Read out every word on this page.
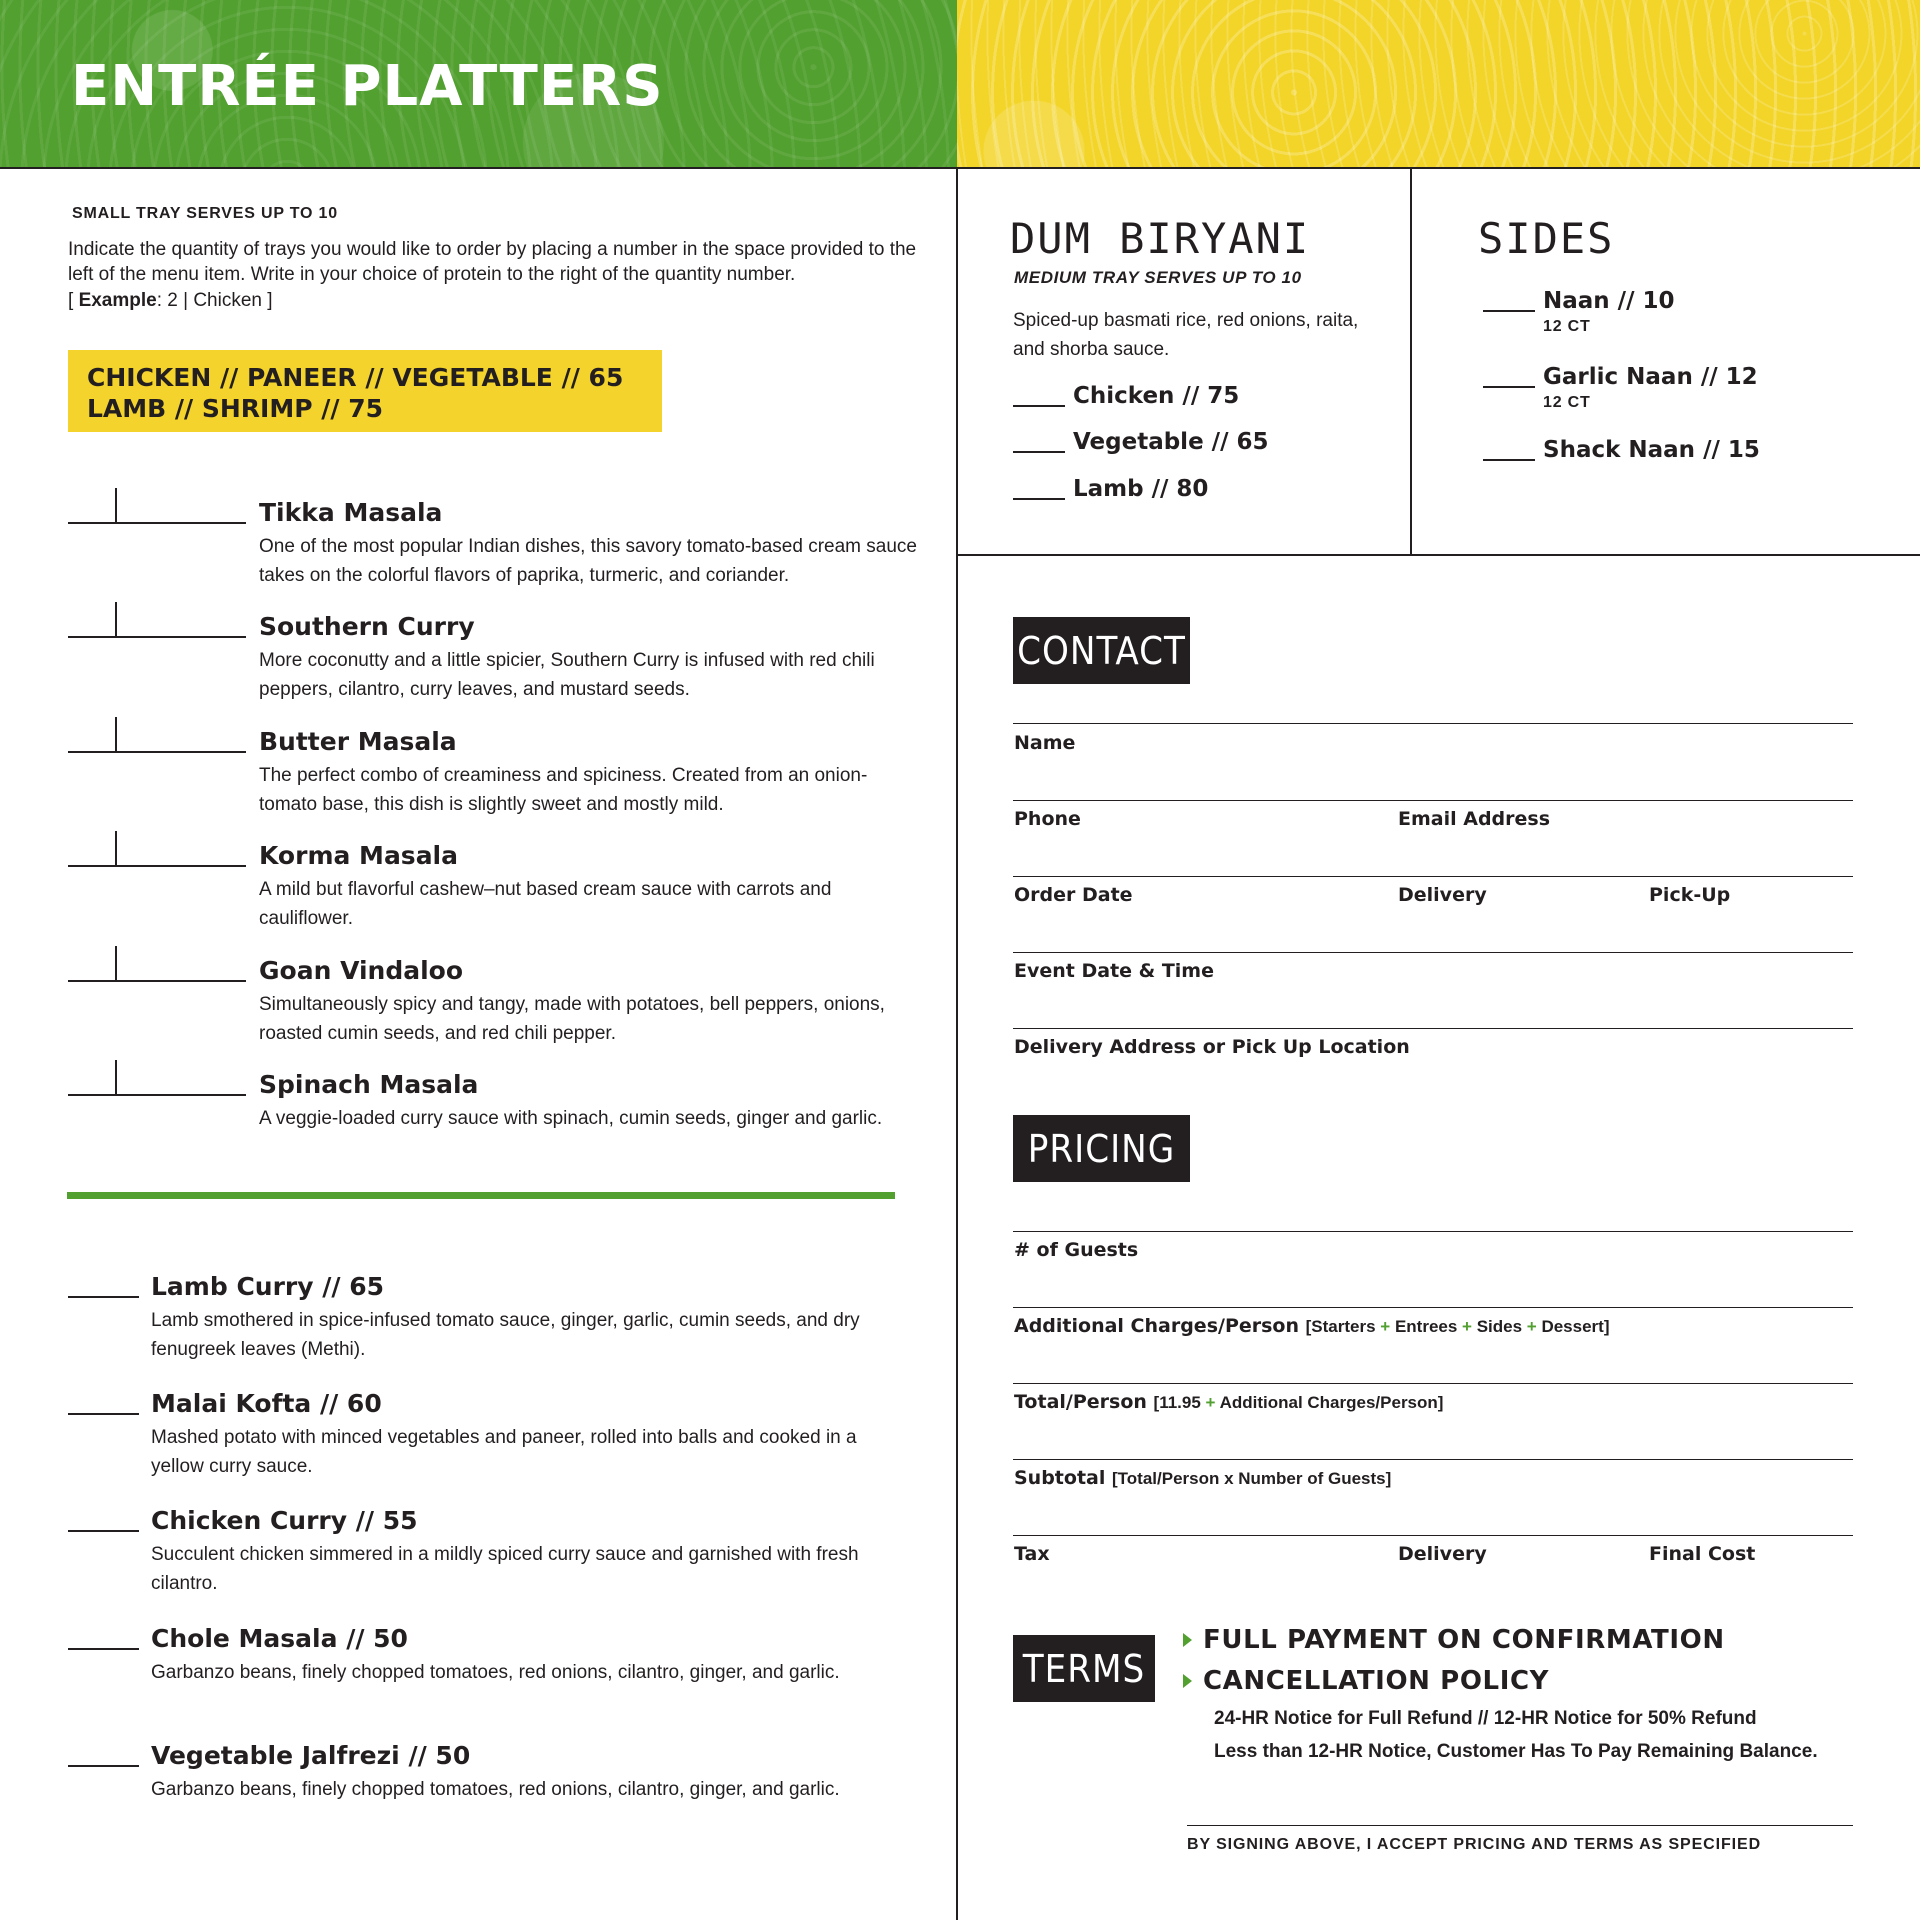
ENTRÉE PLATTERS
SMALL TRAY SERVES UP TO 10

Indicate the quantity of trays you would like to order by placing a number in the space provided to the left of the menu item. Write in your choice of protein to the right of the quantity number.

[ Example: 2 | Chicken ]
CHICKEN // PANEER // VEGETABLE // 65
LAMB // SHRIMP // 75
Tikka Masala
One of the most popular Indian dishes, this savory tomato-based cream sauce takes on the colorful flavors of paprika, turmeric, and coriander.
Southern Curry
More coconutty and a little spicier, Southern Curry is infused with red chili peppers, cilantro, curry leaves, and mustard seeds.
Butter Masala
The perfect combo of creaminess and spiciness. Created from an onion-tomato base, this dish is slightly sweet and mostly mild.
Korma Masala
A mild but flavorful cashew–nut based cream sauce with carrots and cauliflower.
Goan Vindaloo
Simultaneously spicy and tangy, made with potatoes, bell peppers, onions, roasted cumin seeds, and red chili pepper.
Spinach Masala
A veggie-loaded curry sauce with spinach, cumin seeds, ginger and garlic.
Lamb Curry // 65
Lamb smothered in spice-infused tomato sauce, ginger, garlic, cumin seeds, and dry fenugreek leaves (Methi).
Malai Kofta // 60
Mashed potato with minced vegetables and paneer, rolled into balls and cooked in a yellow curry sauce.
Chicken Curry // 55
Succulent chicken simmered in a mildly spiced curry sauce and garnished with fresh cilantro.
Chole Masala // 50
Garbanzo beans, finely chopped tomatoes, red onions, cilantro, ginger, and garlic.
Vegetable Jalfrezi // 50
Garbanzo beans, finely chopped tomatoes, red onions, cilantro, ginger, and garlic.
DUM BIRYANI
MEDIUM TRAY SERVES UP TO 10

Spiced-up basmati rice, red onions, raita, and shorba sauce.

Chicken // 75
Vegetable // 65
Lamb // 80
SIDES
Naan // 10
12 CT
Garlic Naan // 12
12 CT
Shack Naan // 15
CONTACT
Name
Phone	Email Address
Order Date	Delivery	Pick-Up
Event Date & Time
Delivery Address or Pick Up Location
PRICING
# of Guests
Additional Charges/Person [Starters + Entrees + Sides + Dessert]
Total/Person [11.95 + Additional Charges/Person]
Subtotal [Total/Person x Number of Guests]
Tax	Delivery	Final Cost
TERMS
FULL PAYMENT ON CONFIRMATION
CANCELLATION POLICY
24-HR Notice for Full Refund // 12-HR Notice for 50% Refund
Less than 12-HR Notice, Customer Has To Pay Remaining Balance.
BY SIGNING ABOVE, I ACCEPT PRICING AND TERMS AS SPECIFIED
